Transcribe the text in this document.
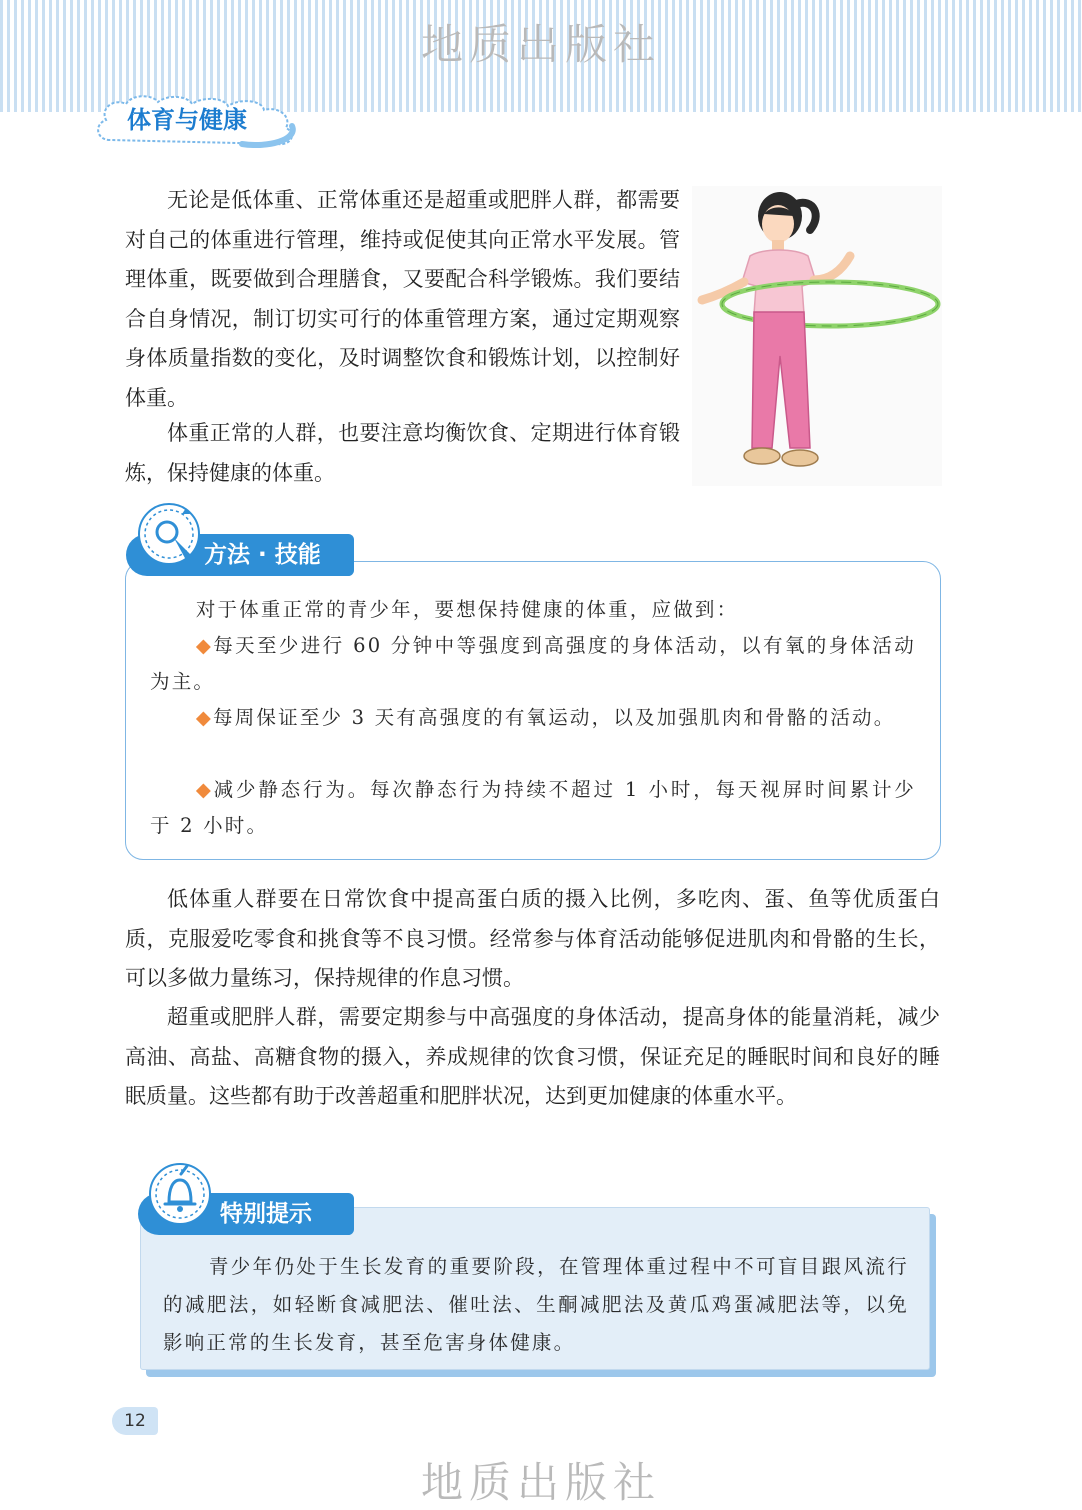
地质出版社
体育与健康

无论是低体重、正常体重还是超重或肥胖人群，都需要对自己的体重进行管理，维持或促使其向正常水平发展。管理体重，既要做到合理膳食，又要配合科学锻炼。我们要结合自身情况，制订切实可行的体重管理方案，通过定期观察身体质量指数的变化，及时调整饮食和锻炼计划，以控制好体重。

体重正常的人群，也要注意均衡饮食、定期进行体育锻炼，保持健康的体重。

方法 · 技能

对于体重正常的青少年，要想保持健康的体重，应做到：

◆每天至少进行 60 分钟中等强度到高强度的身体活动，以有氧的身体活动为主。

◆每周保证至少 3 天有高强度的有氧运动，以及加强肌肉和骨骼的活动。

◆减少静态行为。每次静态行为持续不超过 1 小时，每天视屏时间累计少于 2 小时。

低体重人群要在日常饮食中提高蛋白质的摄入比例，多吃肉、蛋、鱼等优质蛋白质，克服爱吃零食和挑食等不良习惯。经常参与体育活动能够促进肌肉和骨骼的生长，可以多做力量练习，保持规律的作息习惯。

超重或肥胖人群，需要定期参与中高强度的身体活动，提高身体的能量消耗，减少高油、高盐、高糖食物的摄入，养成规律的饮食习惯，保证充足的睡眠时间和良好的睡眠质量。这些都有助于改善超重和肥胖状况，达到更加健康的体重水平。

特别提示

青少年仍处于生长发育的重要阶段，在管理体重过程中不可盲目跟风流行的减肥法，如轻断食减肥法、催吐法、生酮减肥法及黄瓜鸡蛋减肥法等，以免影响正常的生长发育，甚至危害身体健康。

12
地质出版社
